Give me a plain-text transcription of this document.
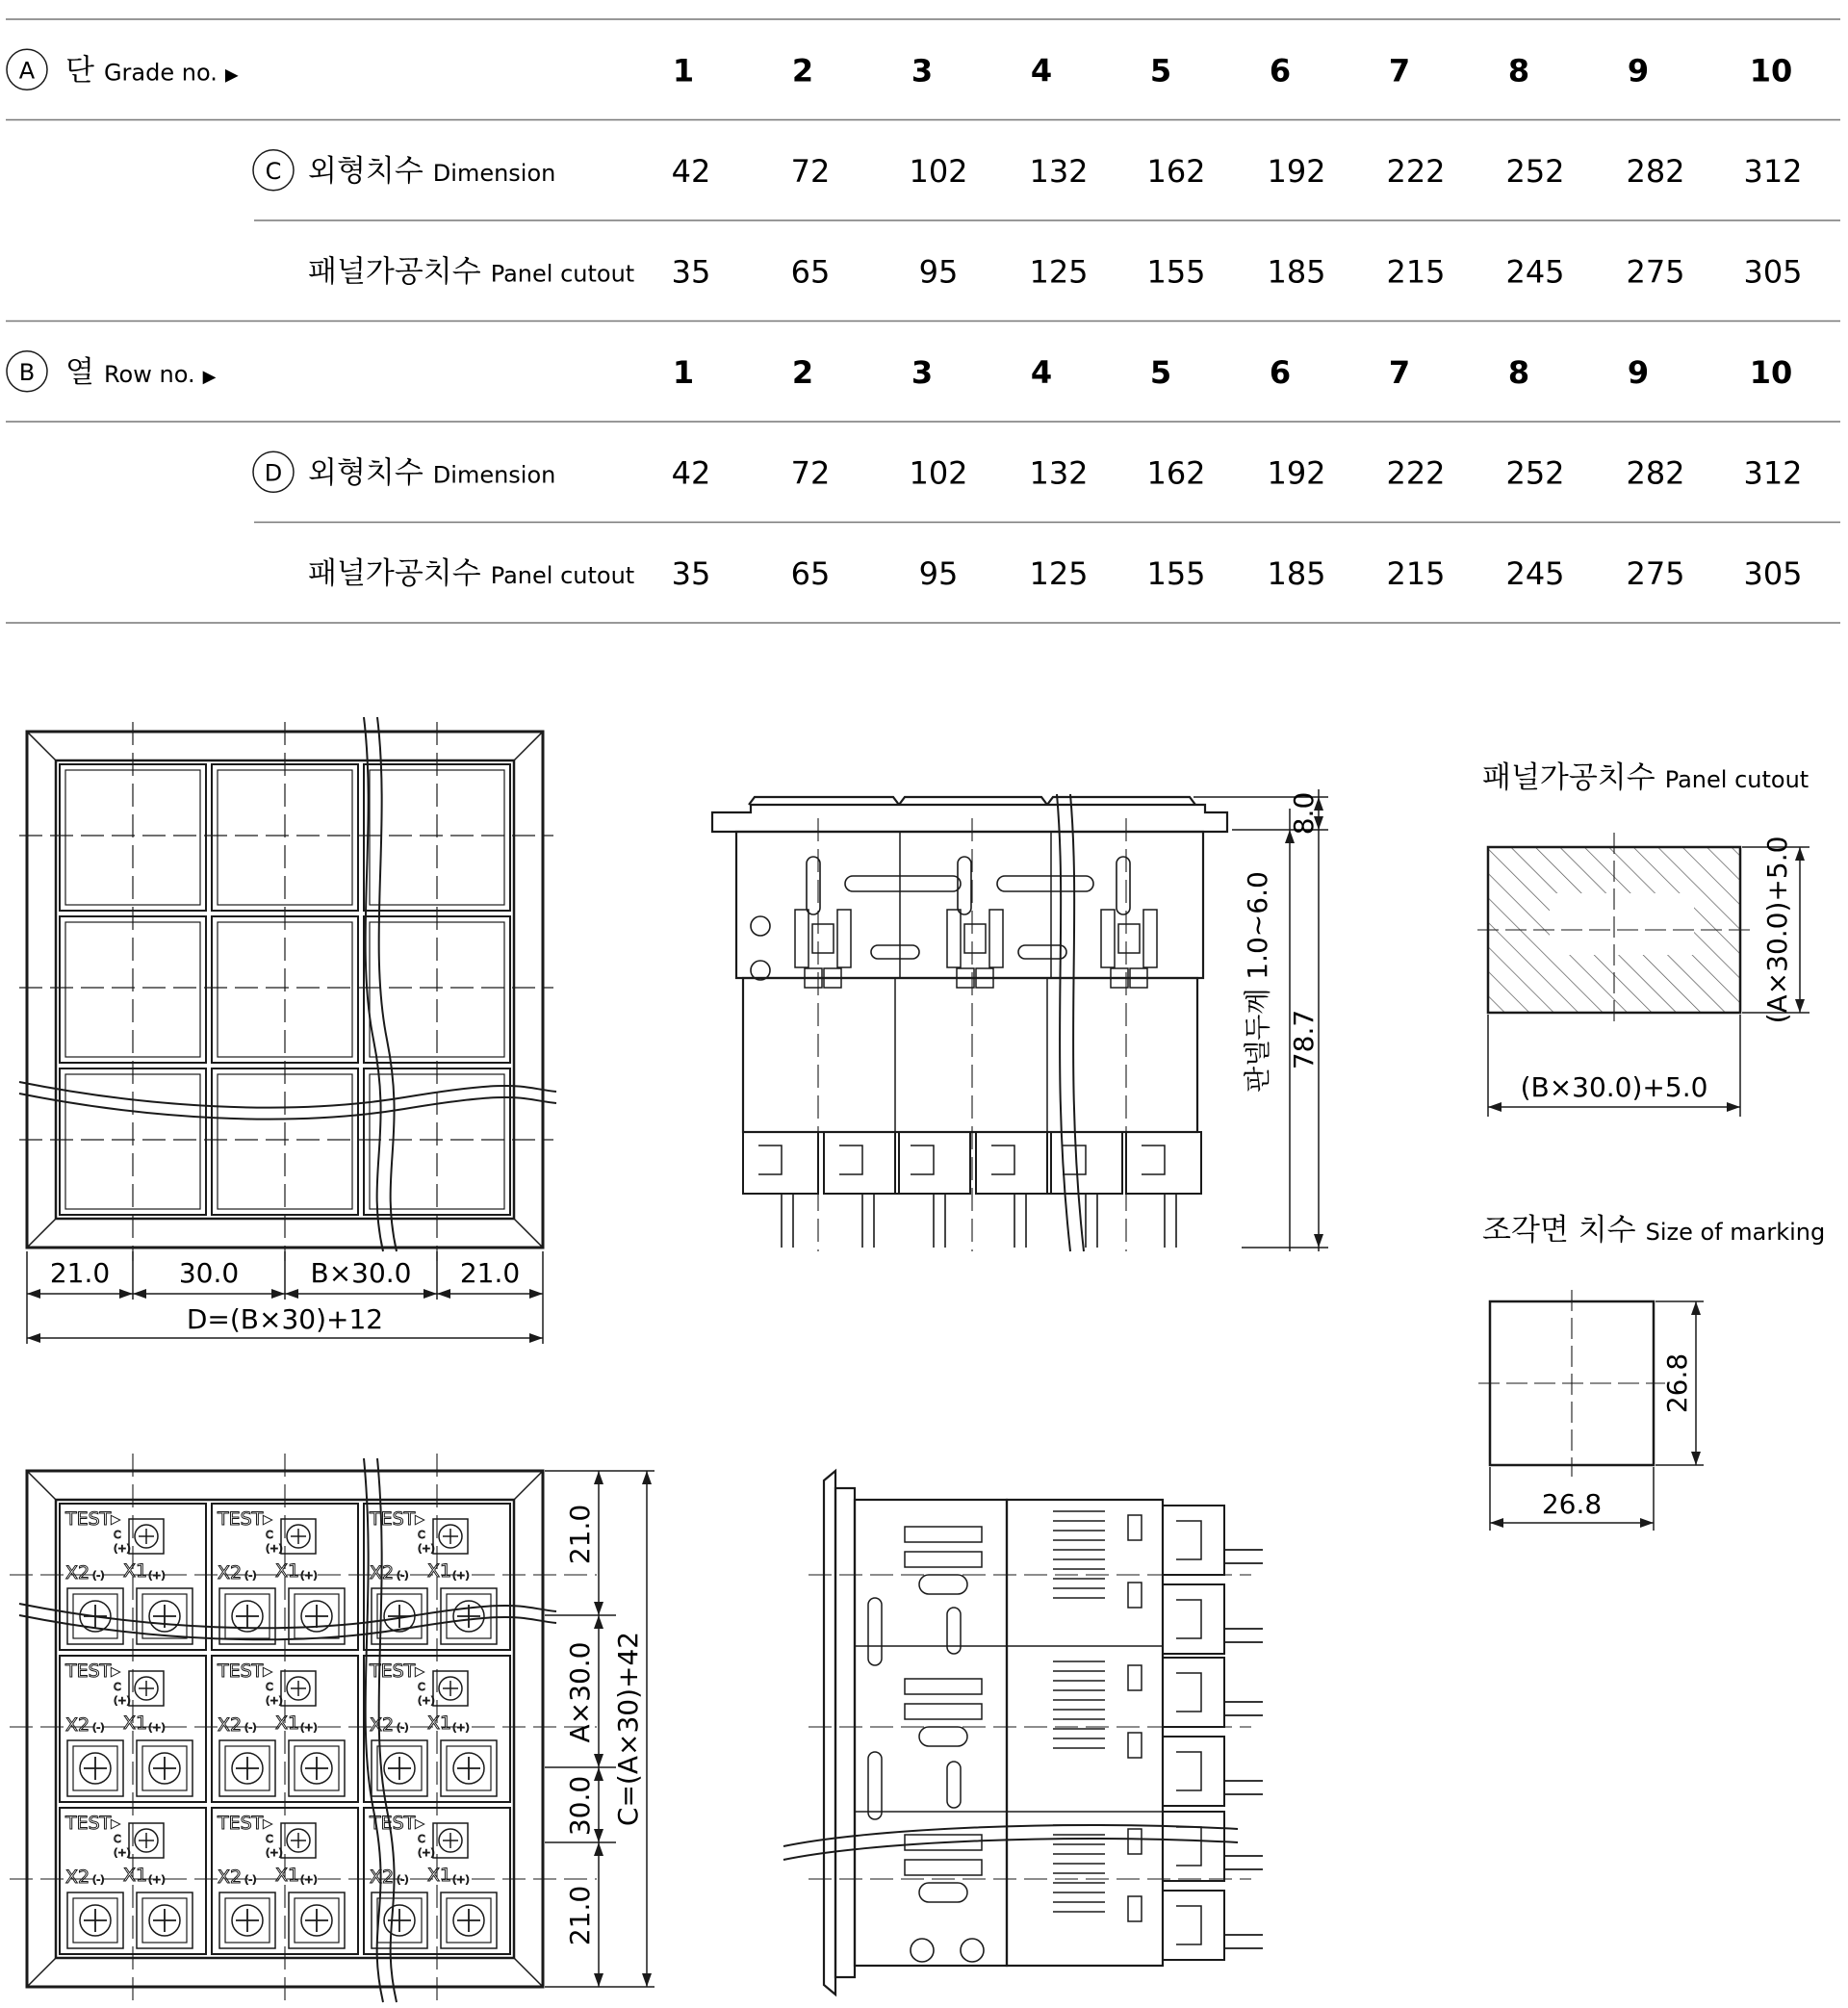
A 단 Grade no. ▶	1	2	3	4	5	6	7	8	9	10
C 외형치수 Dimension	42	72	102 132 162 192 222 252 282 312
패널가공치수 Panel cutout 35	65	95 125 155 185 215 245 275 305
B 열 Row no. ▶	1	2	3	4	5	6	7	8	9	10
D 외형치수 Dimension	42	72	102 132 162 192 222 252 282 312
패널가공치수 Panel cutout 35	65	95 125 155 185 215 245 275 305
21.0	30.0	B×30.0 21.0
D=(B×30)+12
8.0
판넬두께 1.0~6.0 78.7
패널가공치수 Panel cutout
(A×30.0)+5.0
(B×30.0)+5.0
조각면 치수 Size of marking
26.8
26.8
TEST▸
C
(+)
X2 (-) X1 (+)
TEST▸
C
(+)
X2 (-) X1 (+)
TEST▸
C
(+)
X2 (-) X1 (+)
TEST▸
C
(+)
X2 (-) X1 (+)
TEST▸
C
(+)
X2 (-) X1 (+)
TEST▸
C
(+)
X2 (-) X1 (+)
TEST▸
C
(+)
X2 (-) X1 (+)
TEST▸
C
(+)
X2 (-) X1 (+)
TEST▸
C
(+)
X2 (-) X1 (+)
21.0
A×30.0
30.0
21.0
C=(A×30)+42
